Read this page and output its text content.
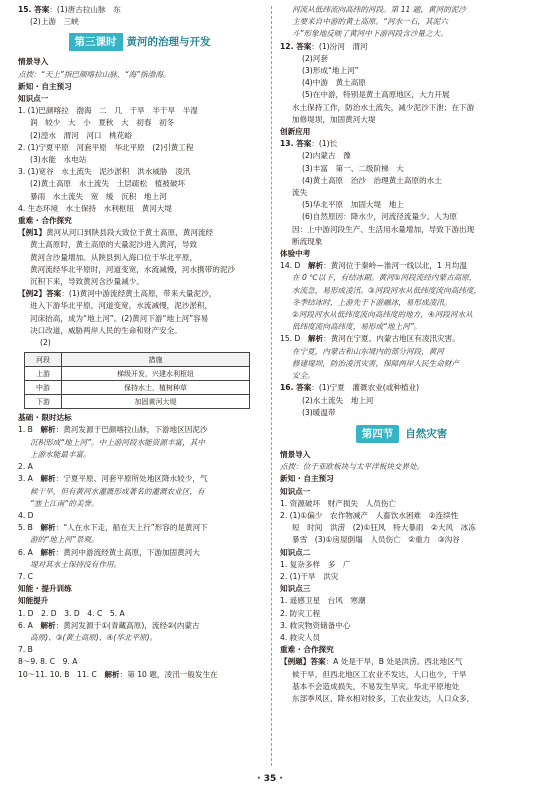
15. 答案：(1)唐古拉山脉　东
(2)上游　三峡
第三课时 黄河的治理与开发
情景导入
点拨：“天上”指巴颜喀拉山脉，“海”指渤海。
新知 · 自主预习
知识点一
1. (1)巴颜喀拉　渤海　二　几　干旱　半干旱　半湿
润　较少　大　小　夏秋　大　初春　初冬
(2)湟水　渭河　河口　桃花峪
2. (1)宁夏平原　河套平原　华北平原　(2)引黄工程
(3)水能　水电站
3. (1)宽谷　水土流失　泥沙淤积　洪水威胁　凌汛
(2)黄土高原　水土流失　土层疏松　植被破坏
暴雨　水土流失　宽　缓　沉积　地上河
4. 生态环境　水土保持　水利枢纽　黄河大堤
重难 · 合作探究
【例1】黄河从河口到陕县段大致位于黄土高原，黄河流经
黄土高原时，黄土高原的大量泥沙进入黄河，导致
黄河含沙量增加。从陕县到入海口位于华北平原，
黄河流经华北平原时，河道变宽，水流减慢，河水携带的泥沙
沉积下来，导致黄河含沙量减少。
【例2】答案：(1)黄河中游流经黄土高原，带来大量泥沙，
进入下游华北平原，河道变宽，水流减慢，泥沙淤积，
河床抬高，成为“地上河”。(2)黄河下游“地上河”容易
决口改道，威胁两岸人民的生命和财产安全。
(2)
河段	措施
上游	梯级开发，兴建水利枢纽
中游	保持水土，植树种草
下游	加固黄河大堤
基础 · 限时达标
1. B　解析：黄河发源于巴颜喀拉山脉，下游地区因泥沙
沉积形成“地上河”。中上游河段水能资源丰富，其中
上游水能最丰富。
2. A
3. A　解析：宁夏平原、河套平原所处地区降水较少，气
候干旱，但有黄河水灌溉形成著名的灌溉农业区，有
“塞上江南”的美誉。
4. D
5. B　解析：“人在水下走，船在天上行”形容的是黄河下
游的“地上河”景观。
6. A　解析：黄河中游流经黄土高原，下游加固黄河大
堤对其水土保持没有作用。
7. C
知能 · 提升训练
知能提升
1. D　2. D　3. D　4. C　5. A
6. A　解析：黄河发源于①(青藏高原)，流经②(内蒙古
高原)、③(黄土高原)、④(华北平原)。
7. B
8～9. 8. C　9. A
10～11. 10. B　11. C　解析：第 10 题，凌汛一般发生在
河流从低纬流向高纬的河段。第 11 题，黄河的泥沙
主要来自中游的黄土高原。“河水一石，其泥六
斗”形象地反映了黄河中下游河段含沙量之大。
12. 答案：(1)汾河　渭河
(2)河套
(3)形成“地上河”
(4)中游　黄土高原
(5)在中游，特别是黄土高原地区，大力开展
水土保持工作，防治水土流失，减少泥沙下泄；在下游
加修堤坝，加固黄河大堤
创新应用
13. 答案：(1)长
(2)内蒙古　豫
(3)丰富　第一、二级阶梯　大
(4)黄土高原　治沙　治理黄土高原的水土
流失
(5)华北平原　加固大堤　地上
(6)自然原因：降水少，河流径流量少。人为原
因：上中游河段生产、生活用水量增加，导致下游出现
断流现象
体验中考
14. D　解析：黄河位于秦岭—淮河一线以北，1 月均温
在 0 ℃以下，有结冰期。黄河①河段流经内蒙古高原，
水流急，易形成凌汛。③河段河水从低纬度流向高纬度，
冬季结冰时，上游先于下游融冰，易形成凌汛。
②河段河水从低纬度流向高纬度的地方，④河段河水从
低纬度流向高纬度，易形成“地上河”。
15. D　解析：黄河在宁夏、内蒙古地区有凌汛灾害。
在宁夏，内蒙古和山东境内的部分河段，黄河
修建堤坝，防治凌汛灾害，保障两岸人民生命财产
安全。
16. 答案：(1)宁夏　灌溉农业(或种植业)
(2)水土流失　地上河
(3)暖温带
第四节 自然灾害
情景导入
点拨：位于亚欧板块与太平洋板块交界处。
新知 · 自主预习
知识点一
1. 资源破坏　财产损失　人员伤亡
2. (1)①偏少　农作物减产　人畜饮水困难　②连续性
短　时间　洪涝　(2)①狂风　特大暴雨　②大风　冰冻
暴雪　(3)①房屋倒塌　人员伤亡　②重力　③沟谷
知识点二
1. 复杂多样　多　广
2. (1)干旱　洪灾
知识点三
1. 遥感卫星　台风　寒潮
2. 防灾工程
3. 救灾物资储备中心
4. 救灾人员
重难 · 合作探究
【例题】答案：A 处是干旱，B 处是洪涝。西北地区气
候干旱，但西北地区工农业不发达，人口也少，干旱
基本不会造成损失，不易发生旱灾。华北平原地处
东部季风区，降水相对较多，工农业发达，人口众多，
· 35 ·
